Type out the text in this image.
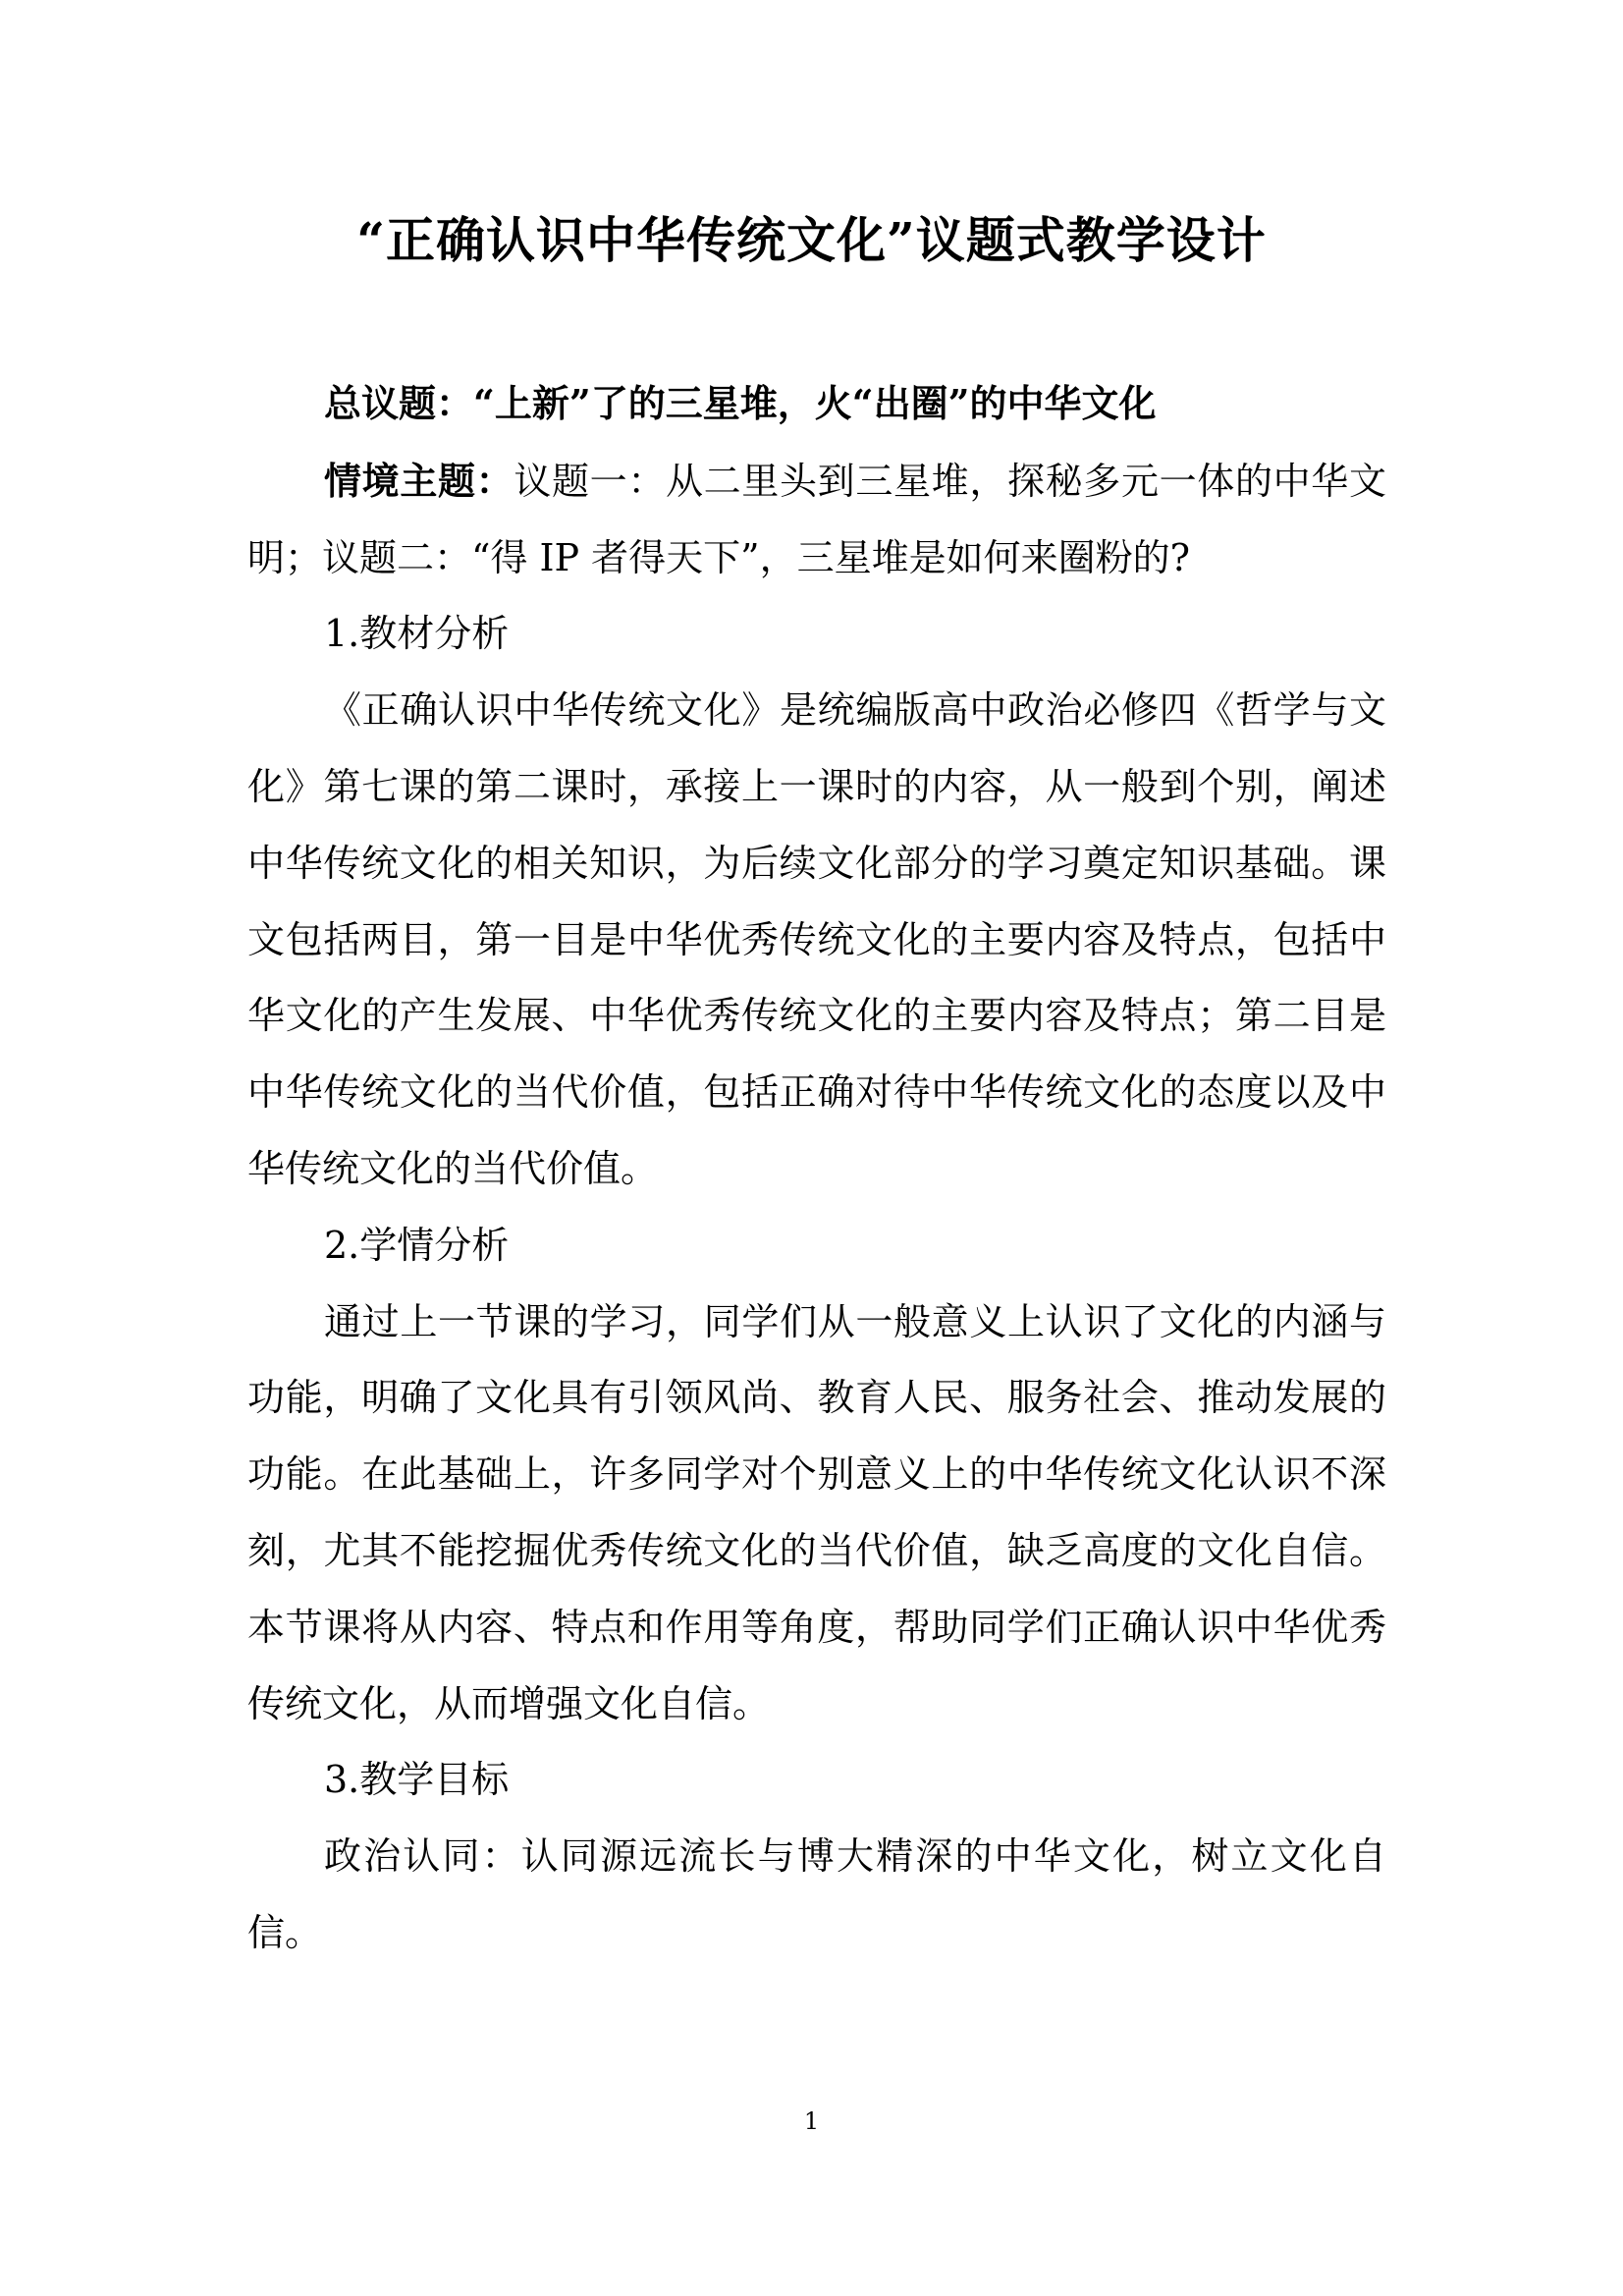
“正确认识中华传统文化”议题式教学设计

总议题：“上新”了的三星堆，火“出圈”的中华文化

情境主题：议题一：从二里头到三星堆，探秘多元一体的中华文明；议题二：“得 IP 者得天下”，三星堆是如何来圈粉的?

1.教材分析

《正确认识中华传统文化》是统编版高中政治必修四《哲学与文化》第七课的第二课时，承接上一课时的内容，从一般到个别，阐述中华传统文化的相关知识，为后续文化部分的学习奠定知识基础。课文包括两目，第一目是中华优秀传统文化的主要内容及特点，包括中华文化的产生发展、中华优秀传统文化的主要内容及特点；第二目是中华传统文化的当代价值，包括正确对待中华传统文化的态度以及中华传统文化的当代价值。

2.学情分析

通过上一节课的学习，同学们从一般意义上认识了文化的内涵与功能，明确了文化具有引领风尚、教育人民、服务社会、推动发展的功能。在此基础上，许多同学对个别意义上的中华传统文化认识不深刻，尤其不能挖掘优秀传统文化的当代价值，缺乏高度的文化自信。本节课将从内容、特点和作用等角度，帮助同学们正确认识中华优秀传统文化，从而增强文化自信。

3.教学目标

政治认同：认同源远流长与博大精深的中华文化，树立文化自信。

1
